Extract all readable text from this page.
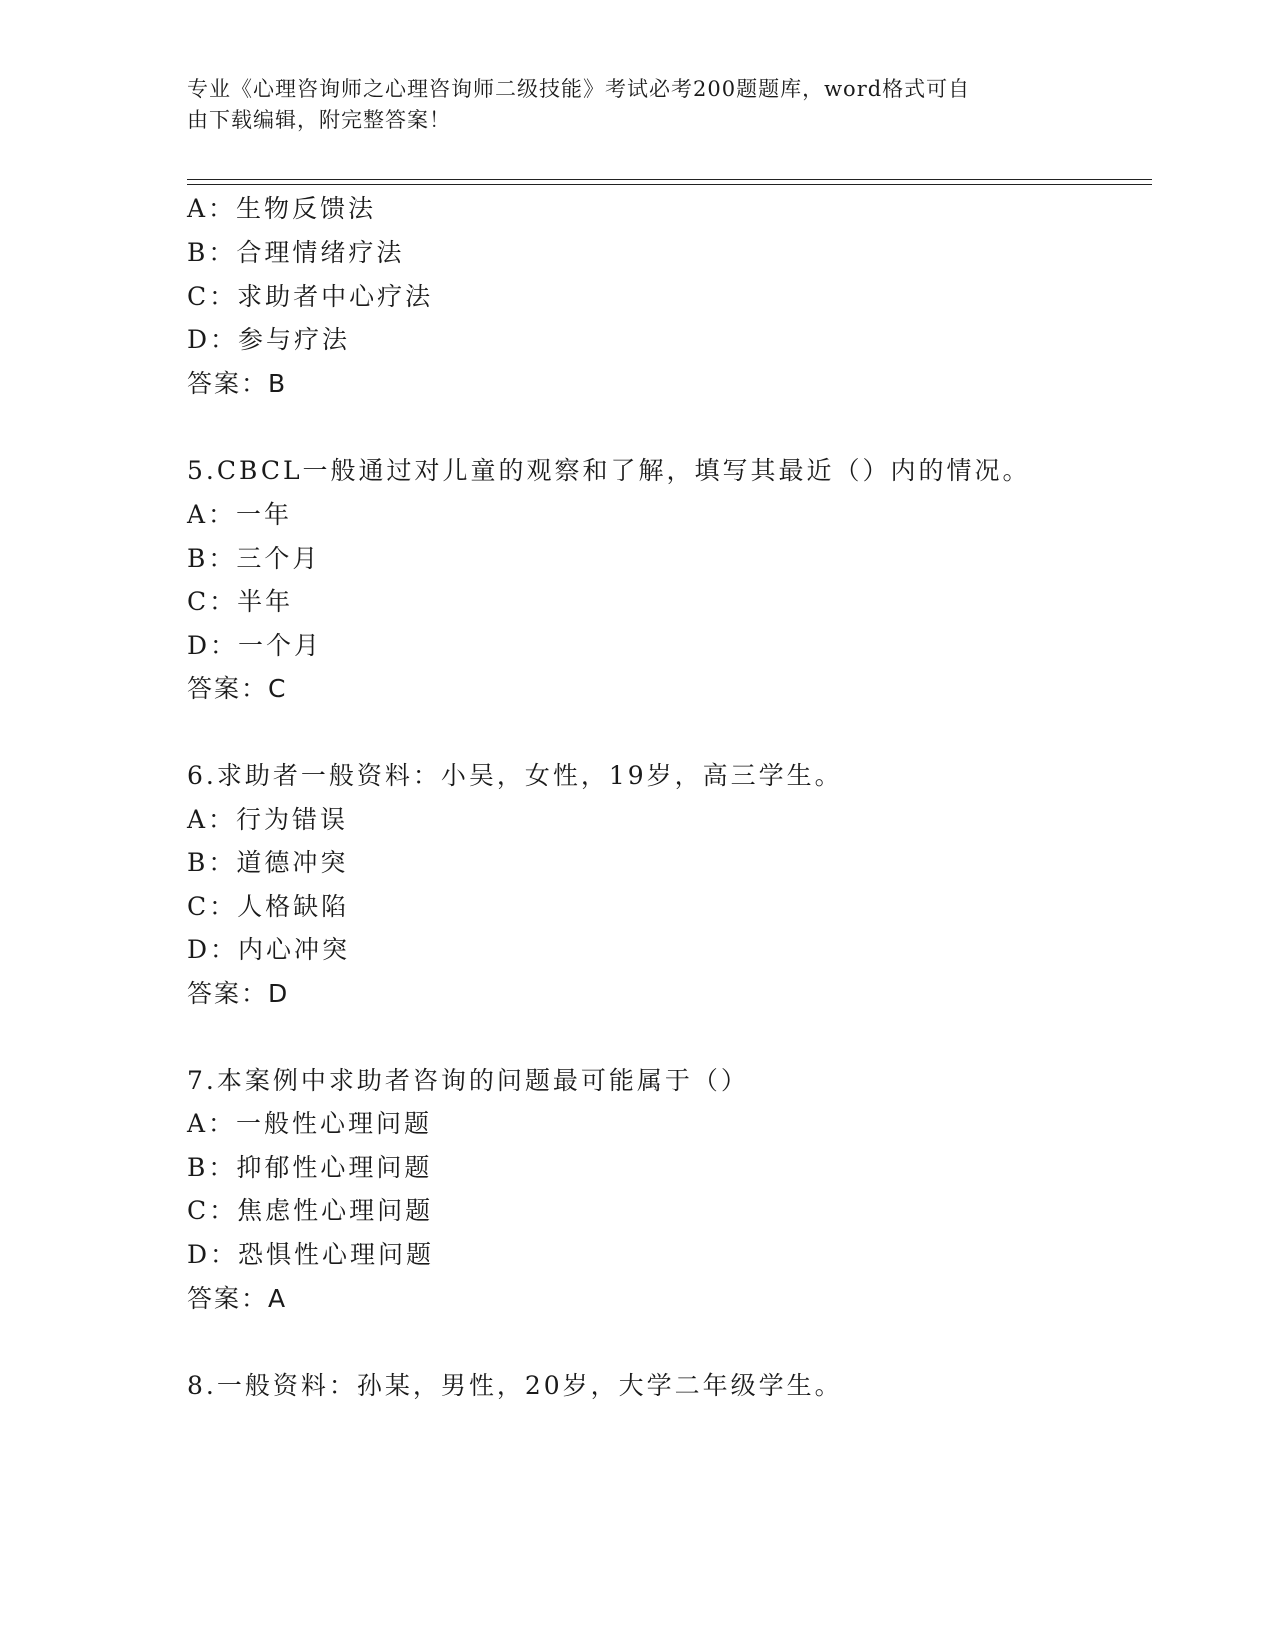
专业《心理咨询师之心理咨询师二级技能》考试必考200题题库，word格式可自
由下载编辑，附完整答案！
A：生物反馈法
B：合理情绪疗法
C：求助者中心疗法
D：参与疗法
答案：B
5.CBCL一般通过对儿童的观察和了解，填写其最近（）内的情况。
A：一年
B：三个月
C：半年
D：一个月
答案：C
6.求助者一般资料：小吴，女性，19岁，高三学生。
A：行为错误
B：道德冲突
C：人格缺陷
D：内心冲突
答案：D
7.本案例中求助者咨询的问题最可能属于（）
A：一般性心理问题
B：抑郁性心理问题
C：焦虑性心理问题
D：恐惧性心理问题
答案：A
8.一般资料：孙某，男性，20岁，大学二年级学生。
